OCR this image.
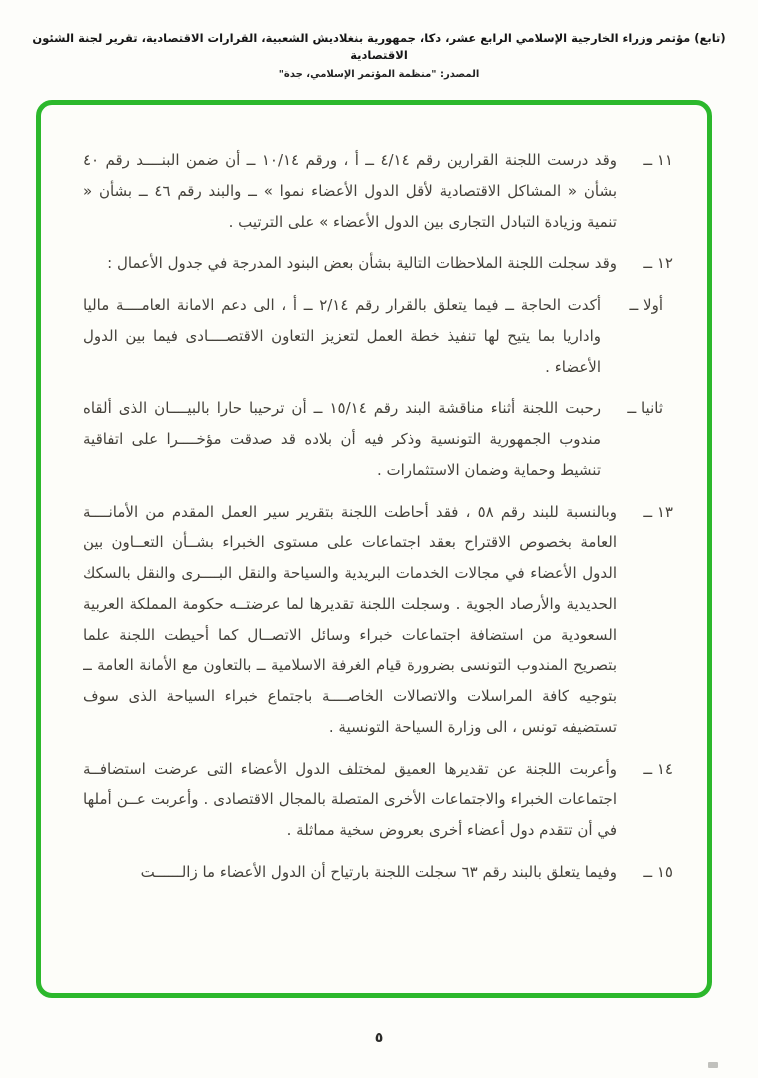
(تابع) مؤتمر وزراء الخارجية الإسلامي الرابع عشر، دكا، جمهورية بنغلاديش الشعبية، القرارات الاقتصادية، تقرير لجنة الشئون الاقتصادية
المصدر: "منظمة المؤتمر الإسلامي، جدة"
١١ ــ
وقد درست اللجنة القرارين رقم ٤/١٤ ــ أ ، ورقم ١٠/١٤ ــ أن ضمن البنــــد رقم ٤٠ بشأن « المشاكل الاقتصادية لأقل الدول الأعضاء نموا » ــ والبند رقم ٤٦ ــ بشأن « تنمية وزيادة التبادل التجارى بين الدول الأعضاء » على الترتيب .
١٢ ــ
وقد سجلت اللجنة الملاحظات التالية بشأن بعض البنود المدرجة في جدول الأعمال :
أولا ــ
أكدت الحاجة ــ فيما يتعلق بالقرار رقم ٢/١٤ ــ أ ، الى دعم الامانة العامــــة ماليا واداريا بما يتيح لها تنفيذ خطة العمل لتعزيز التعاون الاقتصــــادى فيما بين الدول الأعضاء .
ثانيا ــ
رحبت اللجنة أثناء مناقشة البند رقم ١٥/١٤ ــ أن ترحيبا حارا بالبيــــان الذى ألقاه مندوب الجمهورية التونسية وذكر فيه أن بلاده قد صدقت مؤخــــرا على اتفاقية تنشيط وحماية وضمان الاستثمارات .
١٣ ــ
وبالنسبة للبند رقم ٥٨ ، فقد أحاطت اللجنة بتقرير سير العمل المقدم من الأمانــــة العامة بخصوص الاقتراح بعقد اجتماعات على مستوى الخبراء بشــأن التعــاون بين الدول الأعضاء في مجالات الخدمات البريدية والسياحة والنقل البــــرى والنقل بالسكك الحديدية والأرصاد الجوية . وسجلت اللجنة تقديرها لما عرضتــه حكومة المملكة العربية السعودية من استضافة اجتماعات خبراء وسائل الاتصــال كما أحيطت اللجنة علما بتصريح المندوب التونسى بضرورة قيام الغرفة الاسلامية ــ بالتعاون مع الأمانة العامة ــ بتوجيه كافة المراسلات والاتصالات الخاصــــة باجتماع خبراء السياحة الذى سوف تستضيفه تونس ، الى وزارة السياحة التونسية .
١٤ ــ
وأعربت اللجنة عن تقديرها العميق لمختلف الدول الأعضاء التى عرضت استضافــة اجتماعات الخبراء والاجتماعات الأخرى المتصلة بالمجال الاقتصادى . وأعربت عــن أملها في أن تتقدم دول أعضاء أخرى بعروض سخية مماثلة .
١٥ ــ
وفيما يتعلق بالبند رقم ٦٣ سجلت اللجنة بارتياح أن الدول الأعضاء ما زالــــــت
٥
